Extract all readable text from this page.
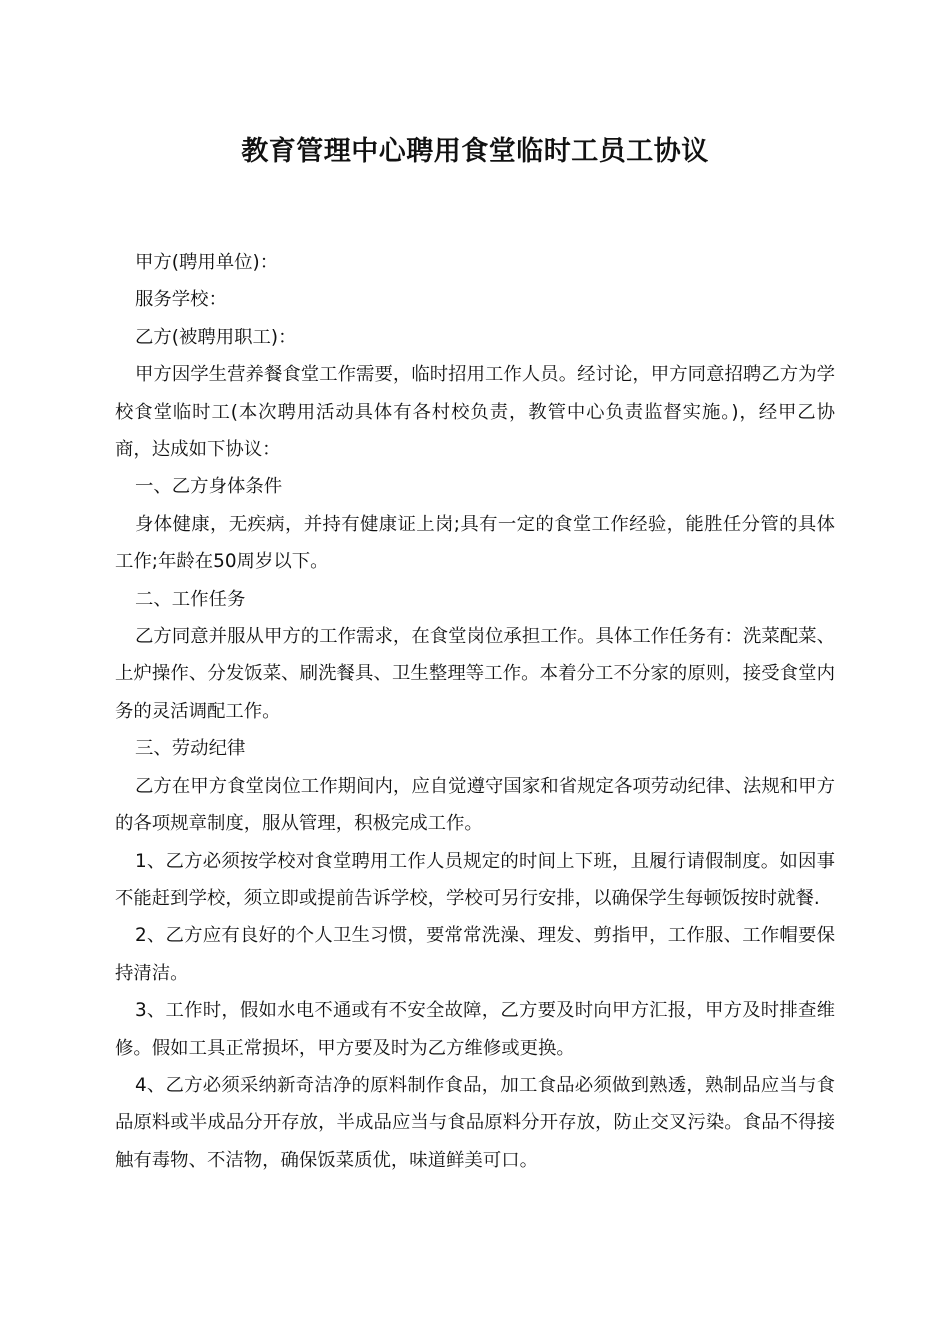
教育管理中心聘用食堂临时工员工协议

甲方(聘用单位)：

服务学校：

乙方(被聘用职工)：

甲方因学生营养餐食堂工作需要，临时招用工作人员。经讨论，甲方同意招聘乙方为学校食堂临时工(本次聘用活动具体有各村校负责，教管中心负责监督实施。)，经甲乙协商，达成如下协议：

一、乙方身体条件

身体健康，无疾病，并持有健康证上岗;具有一定的食堂工作经验，能胜任分管的具体工作;年龄在50周岁以下。

二、工作任务

乙方同意并服从甲方的工作需求，在食堂岗位承担工作。具体工作任务有：洗菜配菜、上炉操作、分发饭菜、刷洗餐具、卫生整理等工作。本着分工不分家的原则，接受食堂内务的灵活调配工作。

三、劳动纪律

乙方在甲方食堂岗位工作期间内，应自觉遵守国家和省规定各项劳动纪律、法规和甲方的各项规章制度，服从管理，积极完成工作。

1、乙方必须按学校对食堂聘用工作人员规定的时间上下班，且履行请假制度。如因事不能赶到学校，须立即或提前告诉学校，学校可另行安排，以确保学生每顿饭按时就餐.

2、乙方应有良好的个人卫生习惯，要常常洗澡、理发、剪指甲，工作服、工作帽要保持清洁。

3、工作时，假如水电不通或有不安全故障，乙方要及时向甲方汇报，甲方及时排查维修。假如工具正常损坏，甲方要及时为乙方维修或更换。

4、乙方必须采纳新奇洁净的原料制作食品，加工食品必须做到熟透，熟制品应当与食品原料或半成品分开存放，半成品应当与食品原料分开存放，防止交叉污染。食品不得接触有毒物、不洁物，确保饭菜质优，味道鲜美可口。
